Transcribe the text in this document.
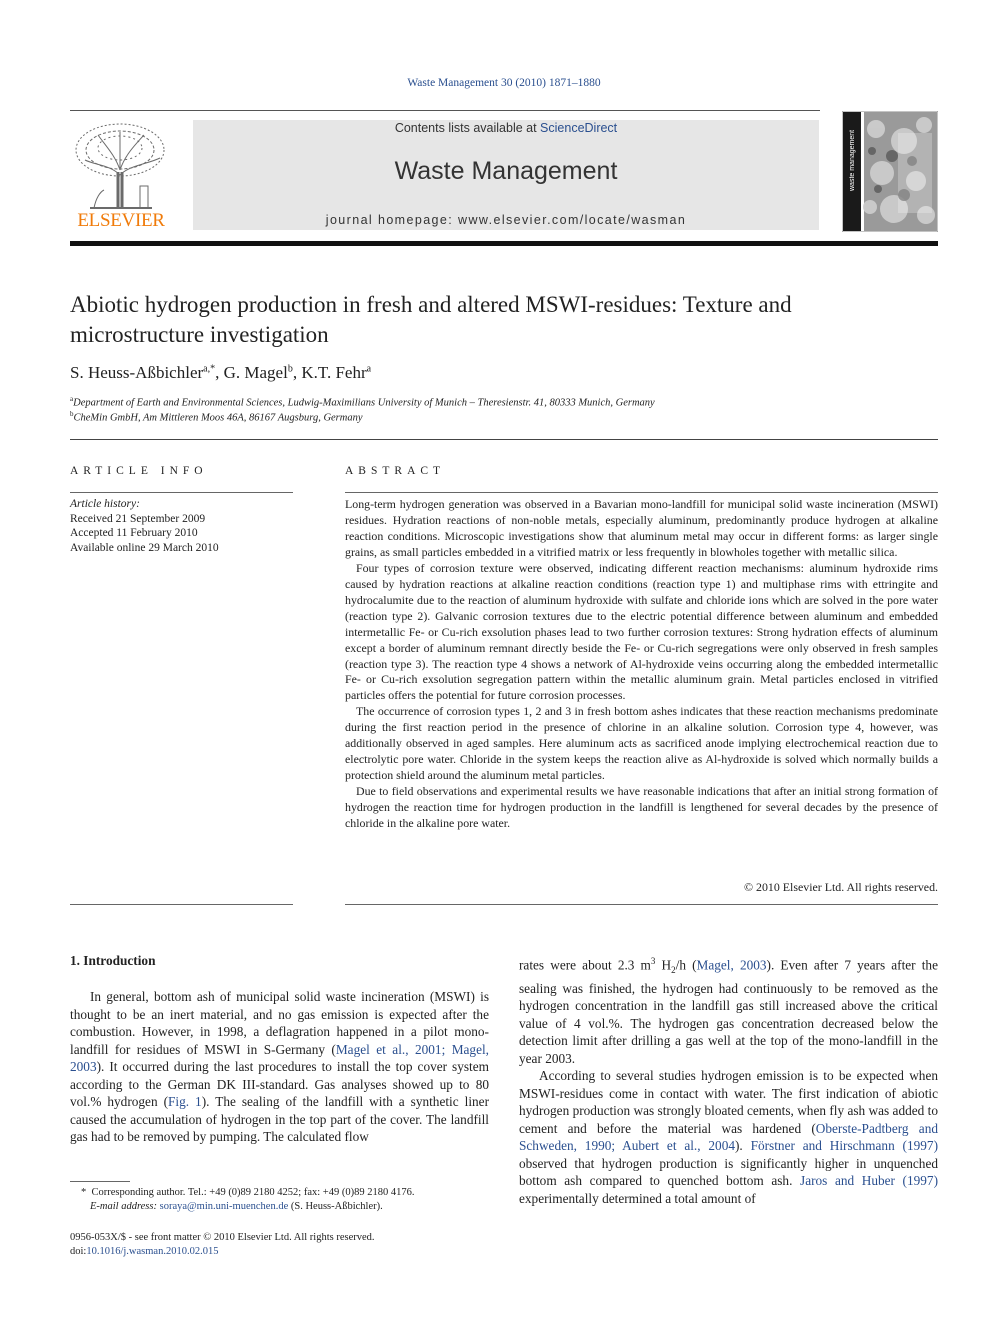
Waste Management 30 (2010) 1871–1880
ELSEVIER
Contents lists available at ScienceDirect
Waste Management
journal homepage: www.elsevier.com/locate/wasman
waste management
Abiotic hydrogen production in fresh and altered MSWI-residues: Texture and microstructure investigation
S. Heuss-Aßbichler$^{a,*}$, G. Magel$^b$, K.T. Fehr$^a$
$^a$Department of Earth and Environmental Sciences, Ludwig-Maximilians University of Munich – Theresienstr. 41, 80333 Munich, Germany
$^b$CheMin GmbH, Am Mittleren Moos 46A, 86167 Augsburg, Germany
ARTICLE INFO	ABSTRACT
Article history:
Received 21 September 2009
Accepted 11 February 2010
Available online 29 March 2010

Long-term hydrogen generation was observed in a Bavarian mono-landfill for municipal solid waste incineration (MSWI) residues. Hydration reactions of non-noble metals, especially aluminum, predominantly produce hydrogen at alkaline reaction conditions. Microscopic investigations show that aluminum metal may occur in different forms: as larger single grains, as small particles embedded in a vitrified matrix or less frequently in blowholes together with metallic silica.

Four types of corrosion texture were observed, indicating different reaction mechanisms: aluminum hydroxide rims caused by hydration reactions at alkaline reaction conditions (reaction type 1) and multiphase rims with ettringite and hydrocalumite due to the reaction of aluminum hydroxide with sulfate and chloride ions which are solved in the pore water (reaction type 2). Galvanic corrosion textures due to the electric potential difference between aluminum and embedded intermetallic Fe- or Cu-rich exsolution phases lead to two further corrosion textures: Strong hydration effects of aluminum except a border of aluminum remnant directly beside the Fe- or Cu-rich segregations were only observed in fresh samples (reaction type 3). The reaction type 4 shows a network of Al-hydroxide veins occurring along the embedded intermetallic Fe- or Cu-rich exsolution segregation pattern within the metallic aluminum grain. Metal particles enclosed in vitrified particles offers the potential for future corrosion processes.

The occurrence of corrosion types 1, 2 and 3 in fresh bottom ashes indicates that these reaction mechanisms predominate during the first reaction period in the presence of chlorine in an alkaline solution. Corrosion type 4, however, was additionally observed in aged samples. Here aluminum acts as sacrificed anode implying electrochemical reaction due to electrolytic pore water. Chloride in the system keeps the reaction alive as Al-hydroxide is solved which normally builds a protection shield around the aluminum metal particles.

Due to field observations and experimental results we have reasonable indications that after an initial strong formation of hydrogen the reaction time for hydrogen production in the landfill is lengthened for several decades by the presence of chloride in the alkaline pore water.

© 2010 Elsevier Ltd. All rights reserved.
1. Introduction

In general, bottom ash of municipal solid waste incineration (MSWI) is thought to be an inert material, and no gas emission is expected after the combustion. However, in 1998, a deflagration happened in a pilot mono-landfill for residues of MSWI in S-Germany (Magel et al., 2001; Magel, 2003). It occurred during the last procedures to install the top cover system according to the German DK III-standard. Gas analyses showed up to 80 vol.% hydrogen (Fig. 1). The sealing of the landfill with a synthetic liner caused the accumulation of hydrogen in the top part of the cover. The landfill gas had to be removed by pumping. The calculated flow

rates were about 2.3 $m^3$ $H_2/h$ (Magel, 2003). Even after 7 years after the sealing was finished, the hydrogen had continuously to be removed as the hydrogen concentration in the landfill gas still increased above the critical value of 4 vol.%. The hydrogen gas concentration decreased below the detection limit after drilling a gas well at the top of the mono-landfill in the year 2003.

According to several studies hydrogen emission is to be expected when MSWI-residues come in contact with water. The first indication of abiotic hydrogen production was strongly bloated cements, when fly ash was added to cement and before the material was hardened (Oberste-Padtberg and Schweden, 1990; Aubert et al., 2004). Förstner and Hirschmann (1997) observed that hydrogen production is significantly higher in unquenched bottom ash compared to quenched bottom ash. Jaros and Huber (1997) experimentally determined a total amount of

* Corresponding author. Tel.: +49 (0)89 2180 4252; fax: +49 (0)89 2180 4176.
E-mail address: soraya@min.uni-muenchen.de (S. Heuss-Aßbichler).
0956-053X/$ - see front matter © 2010 Elsevier Ltd. All rights reserved.
doi:10.1016/j.wasman.2010.02.015
